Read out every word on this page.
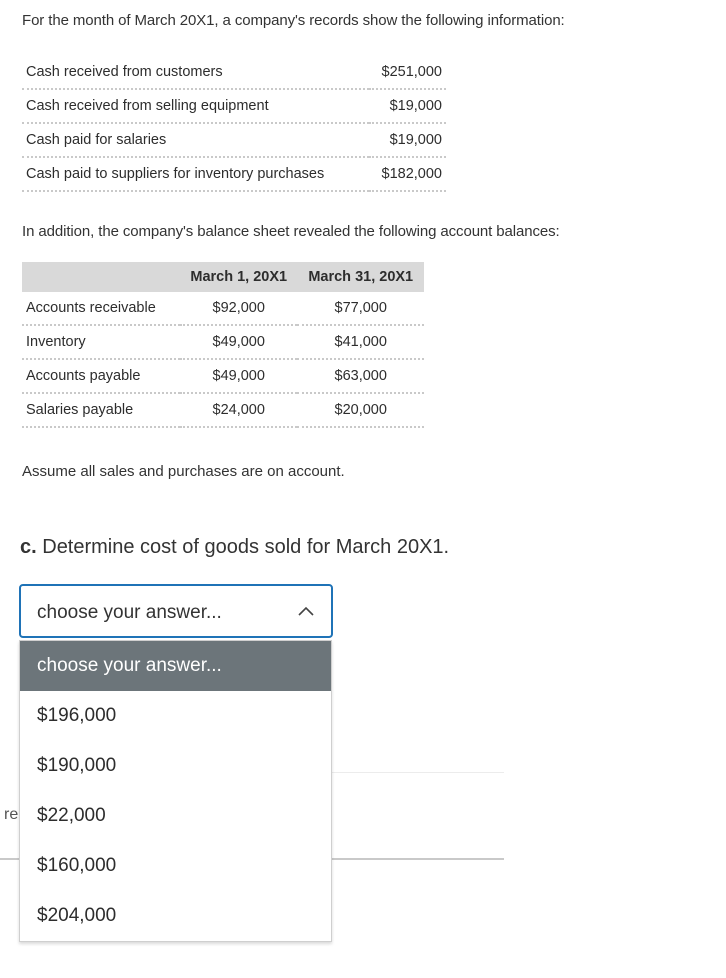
For the month of March 20X1, a company's records show the following information:
Cash received from customers	$251,000
Cash received from selling equipment	$19,000
Cash paid for salaries	$19,000
Cash paid to suppliers for inventory purchases	$182,000
In addition, the company's balance sheet revealed the following account balances:
	March 1, 20X1	March 31, 20X1
Accounts receivable	$92,000	$77,000
Inventory	$49,000	$41,000
Accounts payable	$49,000	$63,000
Salaries payable	$24,000	$20,000
Assume all sales and purchases are on account.
c. Determine cost of goods sold for March 20X1.
re
choose your answer...
choose your answer...
$196,000
$190,000
$22,000
$160,000
$204,000
